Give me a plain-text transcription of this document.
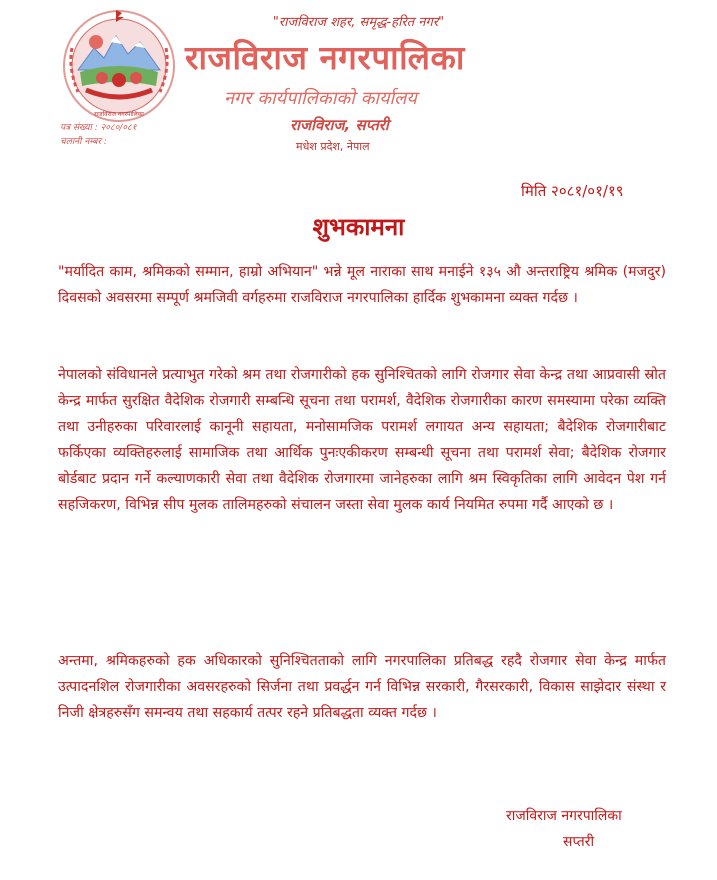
राजविराज नगरपालिका
"राजविराज शहर, समृद्ध-हरित नगर"
राजविराज नगरपालिका
नगर कार्यपालिकाको कार्यालय
राजविराज, सप्तरी
मधेश प्रदेश, नेपाल
पत्र संख्या : २०८०/०८१
चलानी नम्बर :
मिति २०८१/०१/१९
शुभकामना
"मर्यादित काम, श्रमिकको सम्मान, हाम्रो अभियान" भन्ने मूल नाराका साथ मनाईने १३५ औ अन्तराष्ट्रिय श्रमिक (मजदुर) दिवसको अवसरमा सम्पूर्ण श्रमजिवी वर्गहरुमा राजविराज नगरपालिका हार्दिक शुभकामना व्यक्त गर्दछ ।
नेपालको संविधानले प्रत्याभुत गरेको श्रम तथा रोजगारीको हक सुनिश्चितको लागि रोजगार सेवा केन्द्र तथा आप्रवासी स्रोत केन्द्र मार्फत सुरक्षित वैदेशिक रोजगारी सम्बन्धि सूचना तथा परामर्श, वैदेशिक रोजगारीका कारण समस्यामा परेका व्यक्ति तथा उनीहरुका परिवारलाई कानूनी सहायता, मनोसामजिक परामर्श लगायत अन्य सहायता; बैदेशिक रोजगारीबाट फर्किएका व्यक्तिहरुलाई सामाजिक तथा आर्थिक पुनःएकीकरण सम्बन्धी सूचना तथा परामर्श सेवा; बैदेशिक रोजगार बोर्डबाट प्रदान गर्ने कल्याणकारी सेवा तथा वैदेशिक रोजगारमा जानेहरुका लागि श्रम स्विकृतिका लागि आवेदन पेश गर्न सहजिकरण, विभिन्न सीप मुलक तालिमहरुको संचालन जस्ता सेवा मुलक कार्य नियमित रुपमा गर्दै आएको छ ।
अन्तमा, श्रमिकहरुको हक अधिकारको सुनिश्चितताको लागि नगरपालिका प्रतिबद्ध रहदै रोजगार सेवा केन्द्र मार्फत उत्पादनशिल रोजगारीका अवसरहरुको सिर्जना तथा प्रवर्द्धन गर्न विभिन्न सरकारी, गैरसरकारी, विकास साझेदार संस्था र निजी क्षेत्रहरुसँग समन्वय तथा सहकार्य तत्पर रहने प्रतिबद्धता व्यक्त गर्दछ ।
राजविराज नगरपालिका
सप्तरी
